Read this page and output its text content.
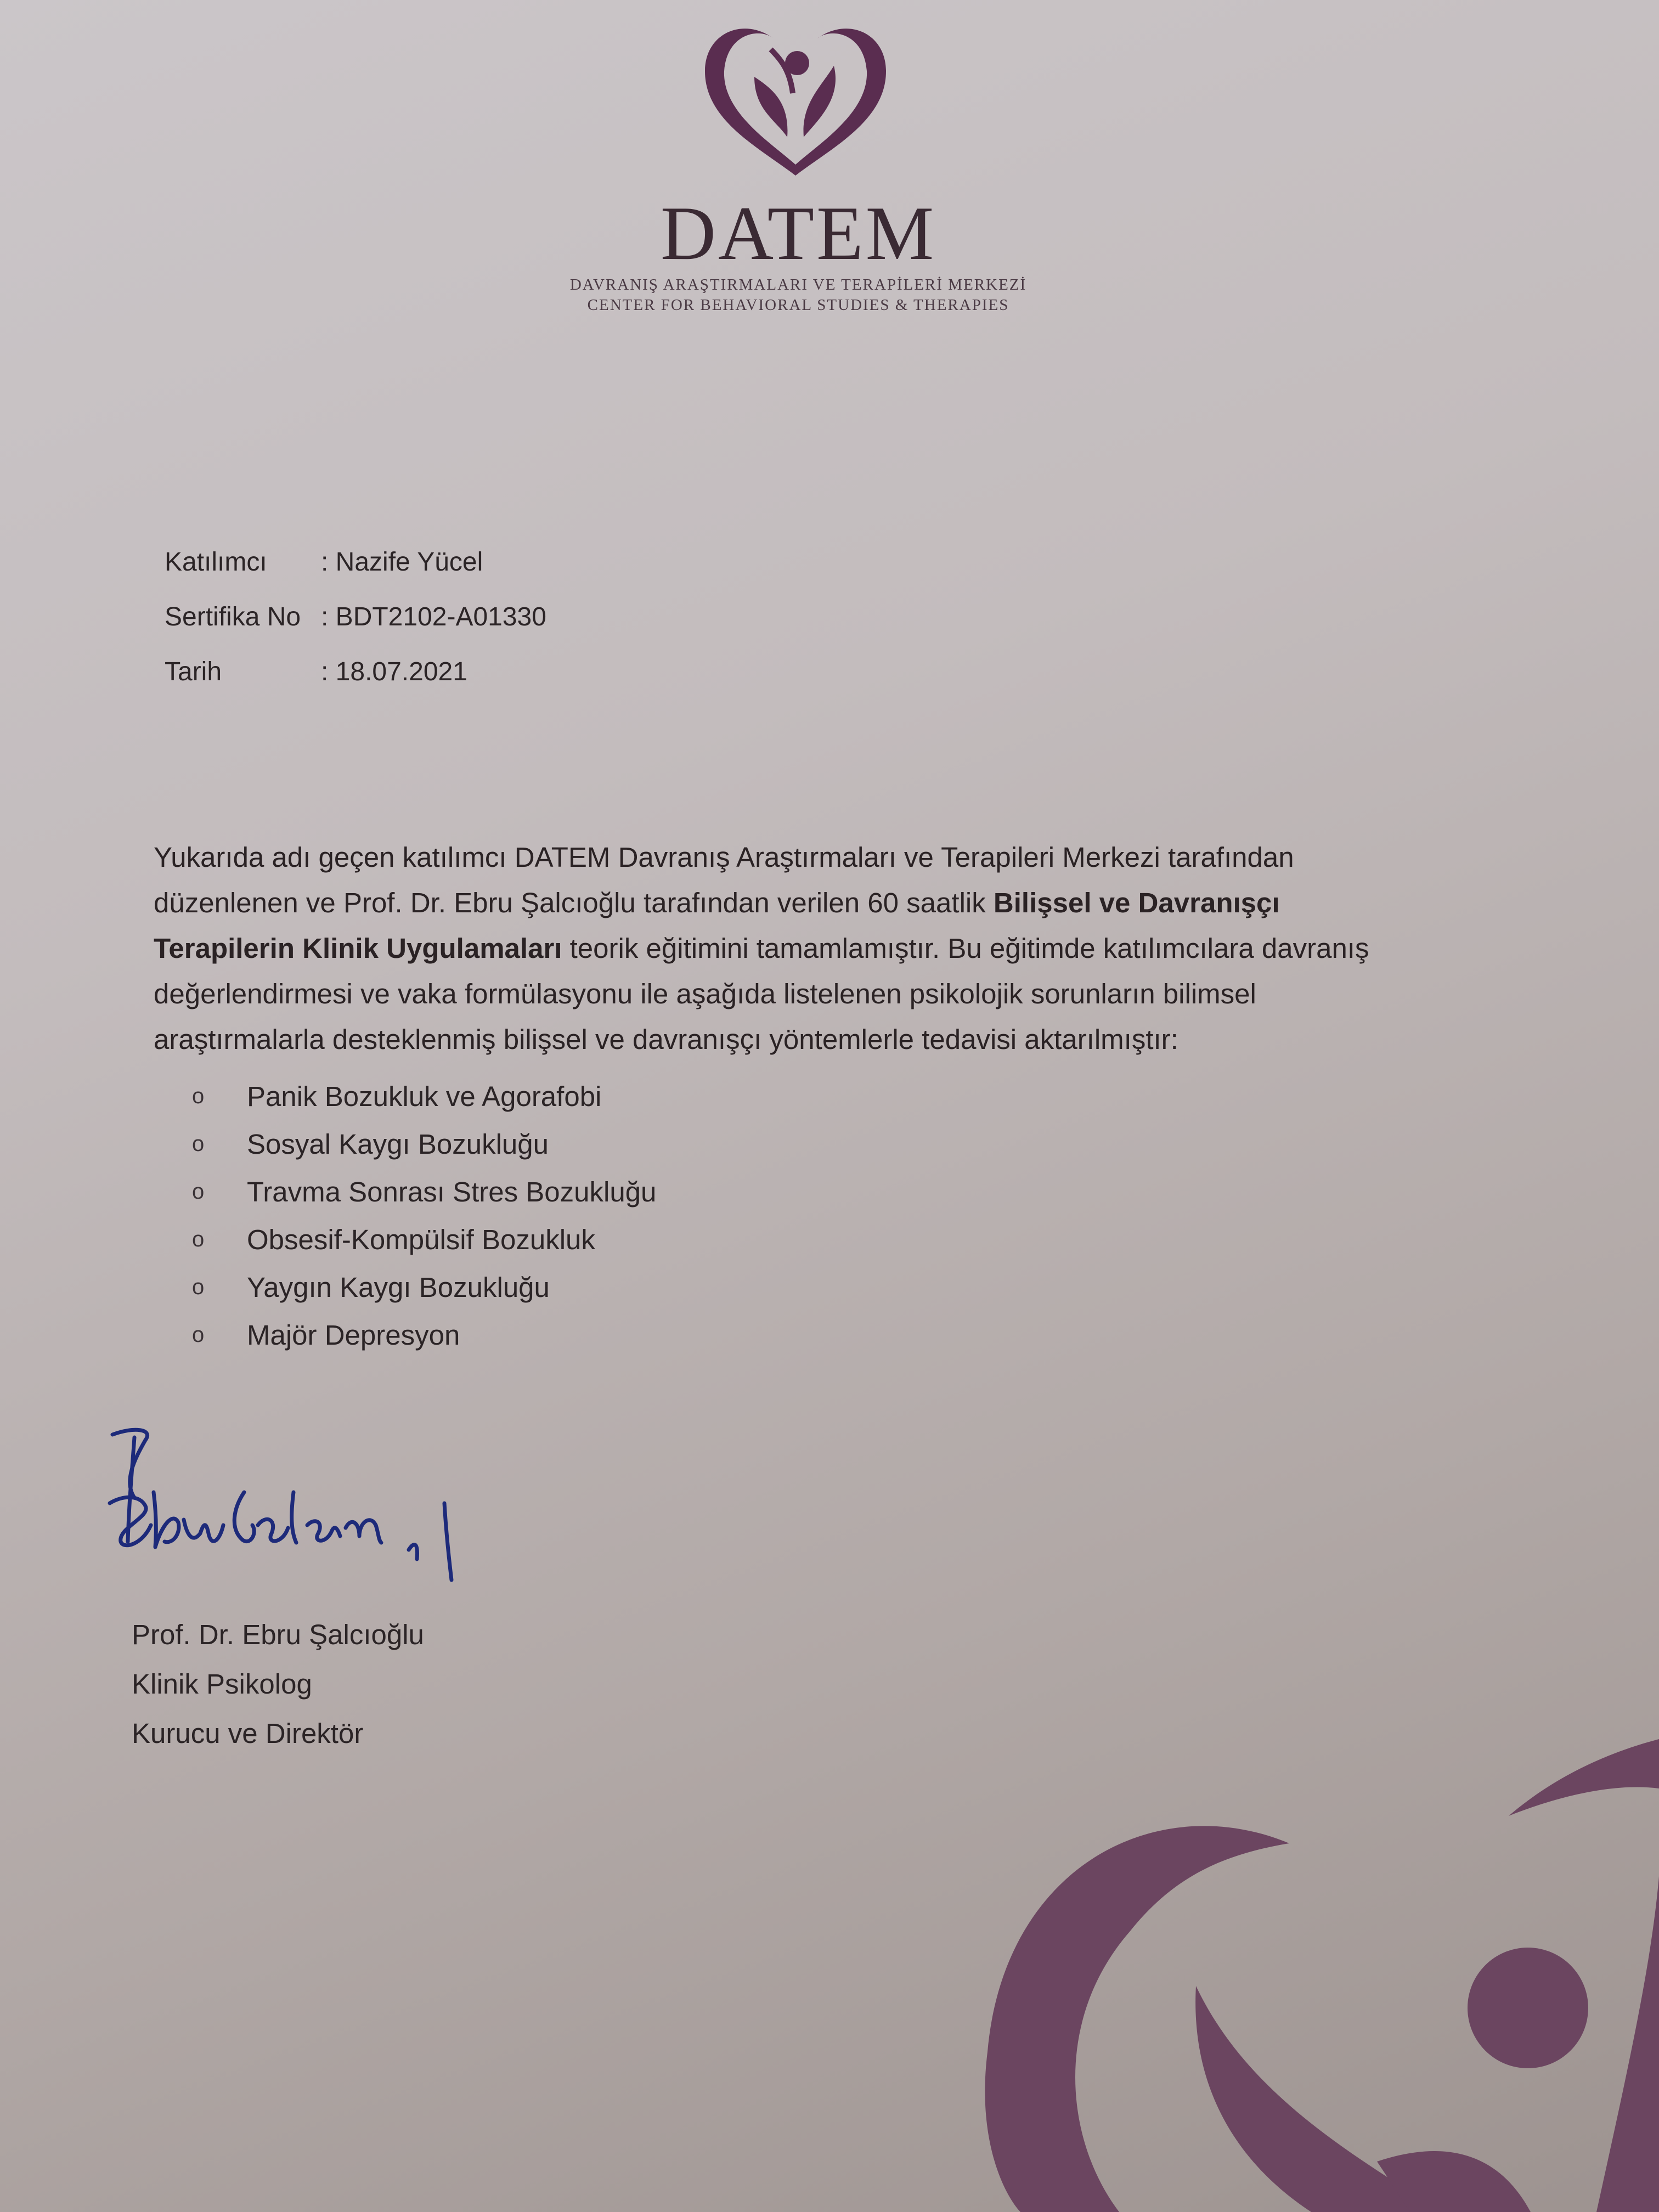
DATEM
DAVRANIŞ ARAŞTIRMALARI VE TERAPİLERİ MERKEZİ
CENTER FOR BEHAVIORAL STUDIES & THERAPIES
Katılımcı	: Nazife Yücel
Sertifika No : BDT2102-A01330
Tarih	: 18.07.2021

Yukarıda adı geçen katılımcı DATEM Davranış Araştırmaları ve Terapileri Merkezi tarafından düzenlenen ve Prof. Dr. Ebru Şalcıoğlu tarafından verilen 60 saatlik Bilişsel ve Davranışçı Terapilerin Klinik Uygulamaları teorik eğitimini tamamlamıştır. Bu eğitimde katılımcılara davranış değerlendirmesi ve vaka formülasyonu ile aşağıda listelenen psikolojik sorunların bilimsel araştırmalarla desteklenmiş bilişsel ve davranışçı yöntemlerle tedavisi aktarılmıştır:

o	Panik Bozukluk ve Agorafobi
o	Sosyal Kaygı Bozukluğu
o	Travma Sonrası Stres Bozukluğu
o	Obsesif-Kompülsif Bozukluk
o	Yaygın Kaygı Bozukluğu
o	Majör Depresyon
Prof. Dr. Ebru Şalcıoğlu
Klinik Psikolog
Kurucu ve Direktör
